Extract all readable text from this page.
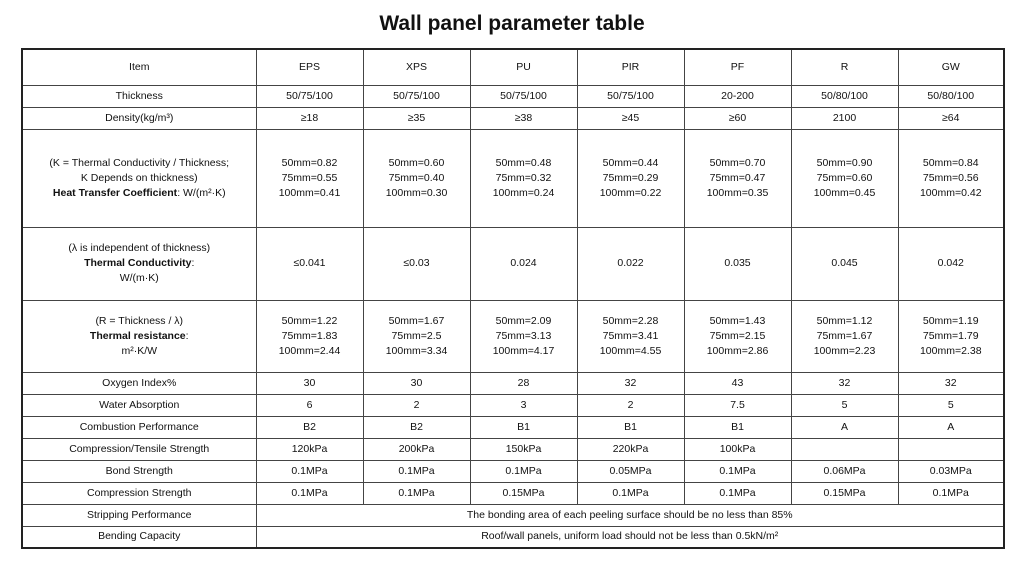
Wall panel parameter table
Item	EPS	XPS	PU	PIR	PF	R	GW
Thickness	50/75/100	50/75/100	50/75/100	50/75/100	20-200	50/80/100	50/80/100
Density(kg/m³)	≥18	≥35	≥38	≥45	≥60	2100	≥64

(K = Thermal Conductivity / Thickness;
K Depends on thickness)
Heat Transfer Coefficient: W/(m²·K)	50mm=0.82
75mm=0.55
100mm=0.41	50mm=0.60
75mm=0.40
100mm=0.30	50mm=0.48
75mm=0.32
100mm=0.24	50mm=0.44
75mm=0.29
100mm=0.22	50mm=0.70
75mm=0.47
100mm=0.35	50mm=0.90
75mm=0.60
100mm=0.45	50mm=0.84
75mm=0.56
100mm=0.42

(λ is independent of thickness)
Thermal Conductivity:
W/(m·K)	≤0.041	≤0.03	0.024	0.022	0.035	0.045	0.042

(R = Thickness / λ)
Thermal resistance:
m²·K/W	50mm=1.22
75mm=1.83
100mm=2.44	50mm=1.67
75mm=2.5
100mm=3.34	50mm=2.09
75mm=3.13
100mm=4.17	50mm=2.28
75mm=3.41
100mm=4.55	50mm=1.43
75mm=2.15
100mm=2.86	50mm=1.12
75mm=1.67
100mm=2.23	50mm=1.19
75mm=1.79
100mm=2.38

Oxygen Index%	30	30	28	32	43	32	32
Water Absorption	6	2	3	2	7.5	5	5
Combustion Performance	B2	B2	B1	B1	B1	A	A
Compression/Tensile Strength	120kPa	200kPa	150kPa	220kPa	100kPa		
Bond Strength	0.1MPa	0.1MPa	0.1MPa	0.05MPa	0.1MPa	0.06MPa	0.03MPa
Compression Strength	0.1MPa	0.1MPa	0.15MPa	0.1MPa	0.1MPa	0.15MPa	0.1MPa
Stripping Performance	The bonding area of each peeling surface should be no less than 85%						
Bending Capacity	Roof/wall panels, uniform load should not be less than 0.5kN/m²						
